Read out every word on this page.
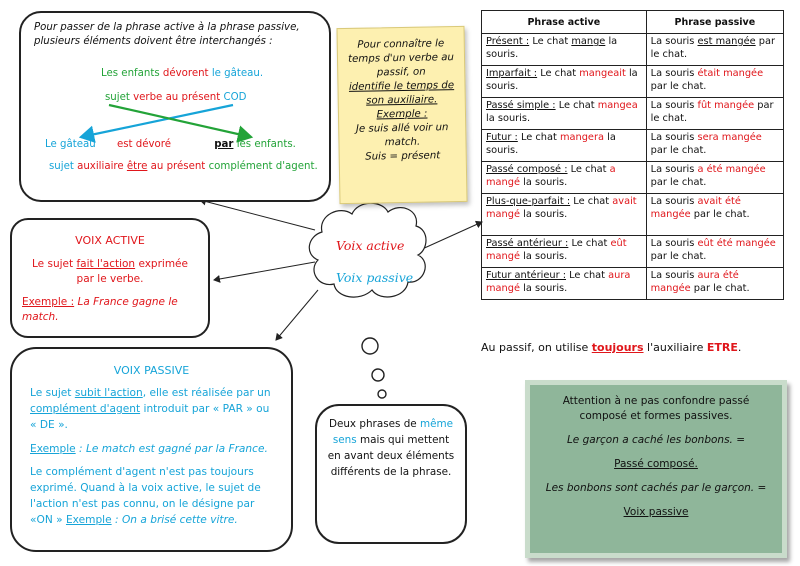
Pour passer de la phrase active à la phrase passive,
plusieurs éléments doivent être interchangés :
Les enfants dévorent le gâteau.
sujet verbe au présent COD
Le gâteau est dévoré	par les enfants.
sujet auxiliaire être au présent complément d'agent.
Pour connaître le temps d'un verbe au passif, on
identifie le temps de son auxiliaire.
Exemple :
Je suis allé voir un match.
Suis = présent
Voix active
Voix passive
VOIX ACTIVE
Le sujet fait l'action exprimée par le verbe.
Exemple : La France gagne le match.
VOIX PASSIVE
Le sujet subit l'action, elle est réalisée par un complément d'agent introduit par « PAR » ou « DE ».
Exemple : Le match est gagné par la France.
Le complément d'agent n'est pas toujours exprimé. Quand à la voix active, le sujet de l'action n'est pas connu, on le désigne par «ON » Exemple : On a brisé cette vitre.
Deux phrases de même sens mais qui mettent en avant deux éléments différents de la phrase.
Phrase active	Phrase passive
Présent : Le chat mange la souris.	La souris est mangée par le chat.
Imparfait : Le chat mangeait la souris.	La souris était mangée par le chat.
Passé simple : Le chat mangea la souris.	La souris fût mangée par le chat.
Futur : Le chat mangera la souris.	La souris sera mangée par le chat.
Passé composé : Le chat a mangé la souris.	La souris a été mangée par le chat.
Plus-que-parfait : Le chat avait mangé la souris.	La souris avait été mangée par le chat.
Passé antérieur : Le chat eût mangé la souris.	La souris eût été mangée par le chat.
Futur antérieur : Le chat aura mangé la souris.	La souris aura été mangée par le chat.
Au passif, on utilise toujours l'auxiliaire ETRE.

Attention à ne pas confondre passé composé et formes passives.

Le garçon a caché les bonbons. =

Passé composé.

Les bonbons sont cachés par le garçon. =

Voix passive
